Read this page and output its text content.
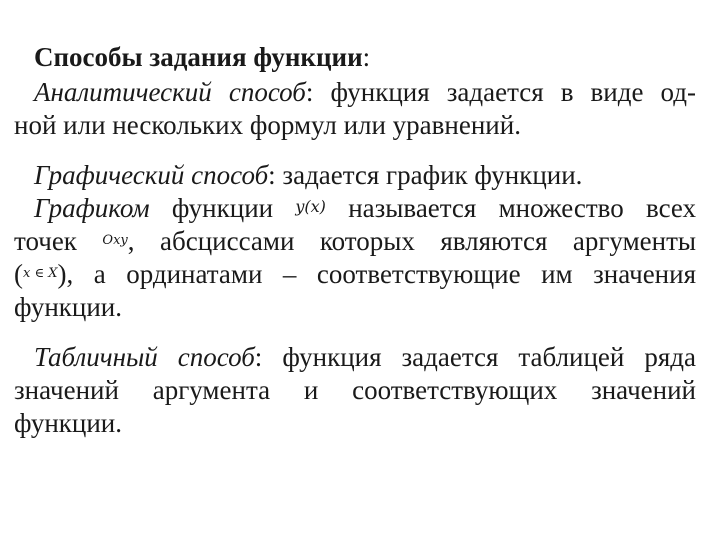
Способы задания функции:
Аналитический способ: функция задается в виде од-
ной или нескольких формул или уравнений.
Графический способ: задается график функции.
Графиком функции y(x) называется множество всех
точек Oxy, абсциссами которых являются аргументы
(x ∈ X), а ординатами – соответствующие им значения
функции.
Табличный способ: функция задается таблицей ряда
значений аргумента и соответствующих значений
функции.
